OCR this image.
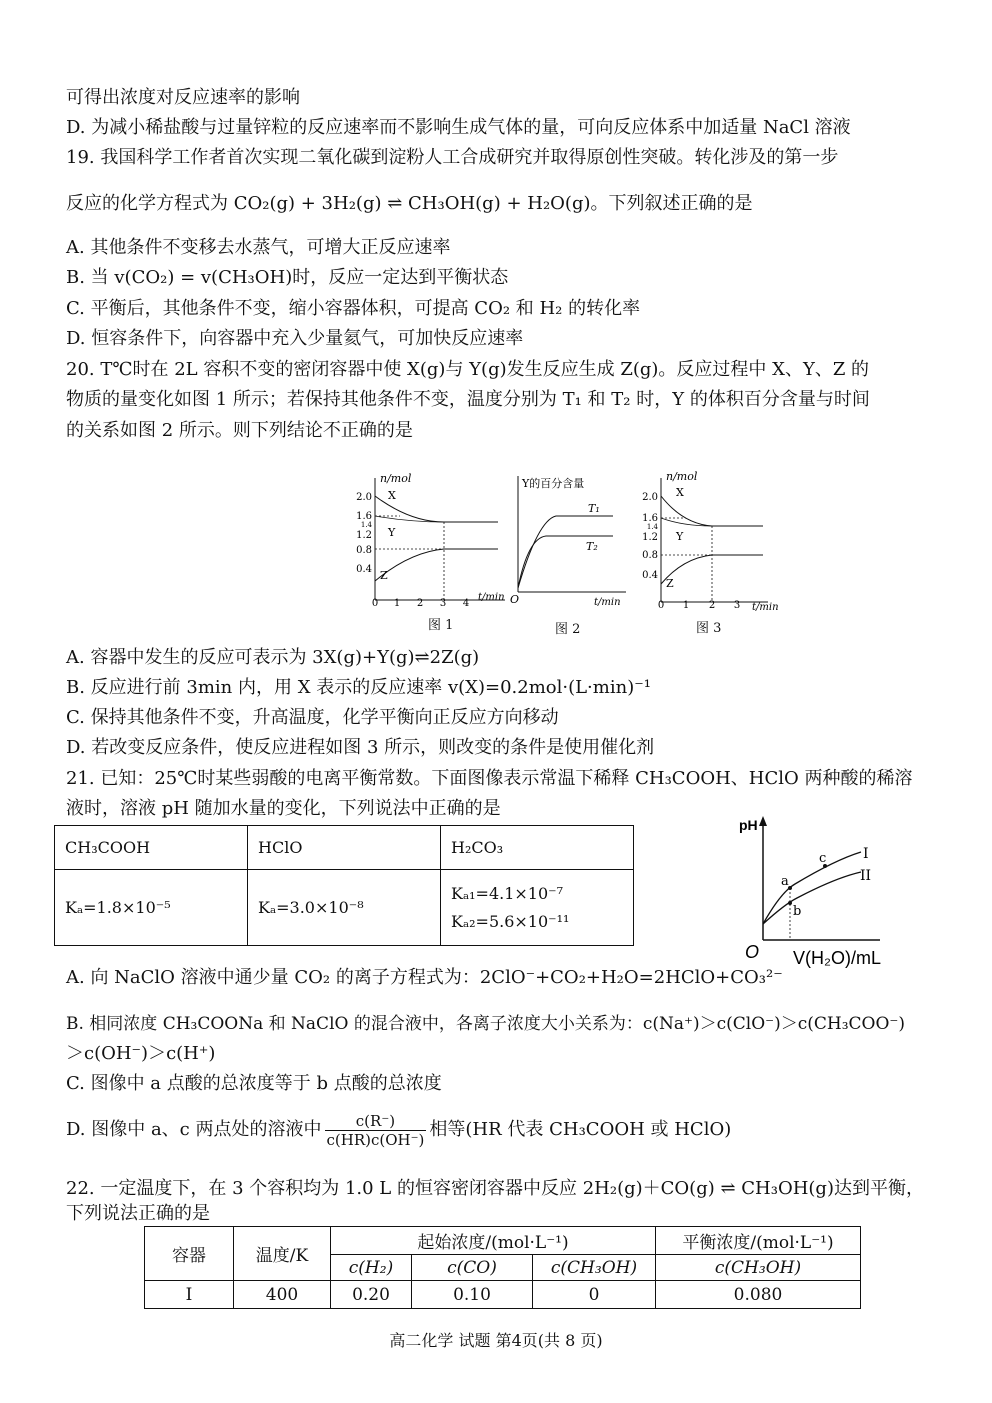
可得出浓度对反应速率的影响
D. 为减小稀盐酸与过量锌粒的反应速率而不影响生成气体的量，可向反应体系中加适量 NaCl 溶液
19. 我国科学工作者首次实现二氧化碳到淀粉人工合成研究并取得原创性突破。转化涉及的第一步
反应的化学方程式为 CO₂(g) + 3H₂(g) ⇌ CH₃OH(g) + H₂O(g)。下列叙述正确的是
A. 其他条件不变移去水蒸气，可增大正反应速率
B. 当 v(CO₂) = v(CH₃OH)时，反应一定达到平衡状态
C. 平衡后，其他条件不变，缩小容器体积，可提高 CO₂ 和 H₂ 的转化率
D. 恒容条件下，向容器中充入少量氦气，可加快反应速率
20. T℃时在 2L 容积不变的密闭容器中使 X(g)与 Y(g)发生反应生成 Z(g)。反应过程中 X、Y、Z 的
物质的量变化如图 1 所示；若保持其他条件不变，温度分别为 T₁ 和 T₂ 时，Y 的体积百分含量与时间
的关系如图 2 所示。则下列结论不正确的是
n/mol
2.0
1.6
1.4
1.2
0.8
0.4
0 1 2 3 4
t/min
X
Y
Z
图 1
Y的百分含量
O	t/min
T₁
T₂
图 2
n/mol
2.0
1.6
1.4
1.2
0.8
0.4
0 1 2 3 t/min
X
Y
Z
图 3
A. 容器中发生的反应可表示为 3X(g)+Y(g)⇌2Z(g)
B. 反应进行前 3min 内，用 X 表示的反应速率 v(X)=0.2mol·(L·min)⁻¹
C. 保持其他条件不变，升高温度，化学平衡向正反应方向移动
D. 若改变反应条件，使反应进程如图 3 所示，则改变的条件是使用催化剂
21. 已知：25℃时某些弱酸的电离平衡常数。下面图像表示常温下稀释 CH₃COOH、HClO 两种酸的稀溶
液时，溶液 pH 随加水量的变化，下列说法中正确的是
CH₃COOH	HClO	H₂CO₃
Kₐ=1.8×10⁻⁵	Kₐ=3.0×10⁻⁸	Kₐ₁=4.1×10⁻⁷
Kₐ₂=5.6×10⁻¹¹
pH
O V(H₂O)/mL
a
b
c	I
II
A. 向 NaClO 溶液中通少量 CO₂ 的离子方程式为：2ClO⁻+CO₂+H₂O=2HClO+CO₃²⁻
B. 相同浓度 CH₃COONa 和 NaClO 的混合液中，各离子浓度大小关系为：c(Na⁺)＞c(ClO⁻)＞c(CH₃COO⁻)
＞c(OH⁻)＞c(H⁺)
C. 图像中 a 点酸的总浓度等于 b 点酸的总浓度
D. 图像中 a、c 两点处的溶液中 $\frac{c(R^-)}{c(HR)c(OH^-)}$ 相等(HR 代表 CH₃COOH 或 HClO)
22. 一定温度下，在 3 个容积均为 1.0 L 的恒容密闭容器中反应 2H₂(g)＋CO(g) ⇌ CH₃OH(g)达到平衡，
下列说法正确的是
容器	温度/K	起始浓度/(mol·L⁻¹)			平衡浓度/(mol·L⁻¹)
		c(H₂)	c(CO)	c(CH₃OH)	c(CH₃OH)
Ⅰ	400	0.20	0.10	0	0.080
高二化学 试题 第4页(共 8 页)
